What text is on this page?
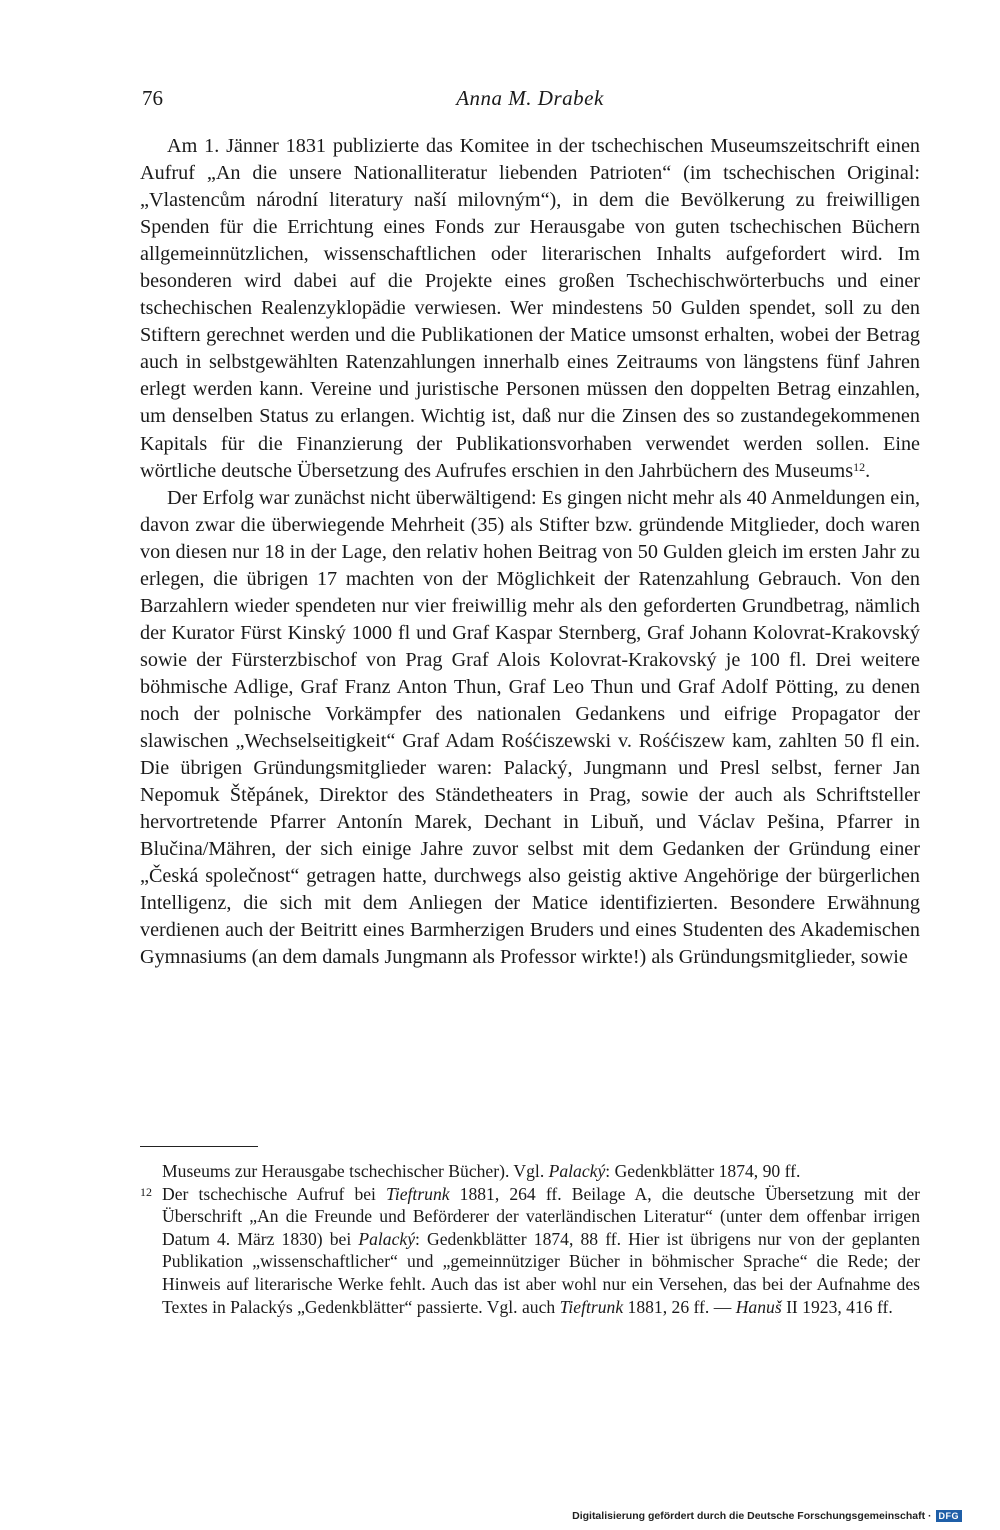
76	Anna M. Drabek

Am 1. Jänner 1831 publizierte das Komitee in der tschechischen Museumszeitschrift einen Aufruf „An die unsere Nationalliteratur liebenden Patrioten“ (im tschechischen Original: „Vlastencům národní literatury naší milovným“), in dem die Bevölkerung zu freiwilligen Spenden für die Errichtung eines Fonds zur Herausgabe von guten tschechischen Büchern allgemeinnützlichen, wissenschaftlichen oder literarischen Inhalts aufgefordert wird. Im besonderen wird dabei auf die Projekte eines großen Tschechischwörterbuchs und einer tschechischen Realenzyklopädie verwiesen. Wer mindestens 50 Gulden spendet, soll zu den Stiftern gerechnet werden und die Publikationen der Matice umsonst erhalten, wobei der Betrag auch in selbstgewählten Ratenzahlungen innerhalb eines Zeitraums von längstens fünf Jahren erlegt werden kann. Vereine und juristische Personen müssen den doppelten Betrag einzahlen, um denselben Status zu erlangen. Wichtig ist, daß nur die Zinsen des so zustandegekommenen Kapitals für die Finanzierung der Publikationsvorhaben verwendet werden sollen. Eine wörtliche deutsche Übersetzung des Aufrufes erschien in den Jahrbüchern des Museums$^{12}$.

Der Erfolg war zunächst nicht überwältigend: Es gingen nicht mehr als 40 Anmeldungen ein, davon zwar die überwiegende Mehrheit (35) als Stifter bzw. gründende Mitglieder, doch waren von diesen nur 18 in der Lage, den relativ hohen Beitrag von 50 Gulden gleich im ersten Jahr zu erlegen, die übrigen 17 machten von der Möglichkeit der Ratenzahlung Gebrauch. Von den Barzahlern wieder spendeten nur vier freiwillig mehr als den geforderten Grundbetrag, nämlich der Kurator Fürst Kinský 1000 fl und Graf Kaspar Sternberg, Graf Johann Kolovrat-Krakovský sowie der Fürsterzbischof von Prag Graf Alois Kolovrat-Krakovský je 100 fl. Drei weitere böhmische Adlige, Graf Franz Anton Thun, Graf Leo Thun und Graf Adolf Pötting, zu denen noch der polnische Vorkämpfer des nationalen Gedankens und eifrige Propagator der slawischen „Wechselseitigkeit“ Graf Adam Rośćiszewski v. Rośćiszew kam, zahlten 50 fl ein. Die übrigen Gründungsmitglieder waren: Palacký, Jungmann und Presl selbst, ferner Jan Nepomuk Štěpánek, Direktor des Ständetheaters in Prag, sowie der auch als Schriftsteller hervortretende Pfarrer Antonín Marek, Dechant in Libuň, und Václav Pešina, Pfarrer in Blučina/Mähren, der sich einige Jahre zuvor selbst mit dem Gedanken der Gründung einer „Česká společnost“ getragen hatte, durchwegs also geistig aktive Angehörige der bürgerlichen Intelligenz, die sich mit dem Anliegen der Matice identifizierten. Besondere Erwähnung verdienen auch der Beitritt eines Barmherzigen Bruders und eines Studenten des Akademischen Gymnasiums (an dem damals Jungmann als Professor wirkte!) als Gründungsmitglieder, sowie

Museums zur Herausgabe tschechischer Bücher). Vgl. Palacký: Gedenkblätter 1874, 90 ff.

12 Der tschechische Aufruf bei Tieftrunk 1881, 264 ff. Beilage A, die deutsche Übersetzung mit der Überschrift „An die Freunde und Beförderer der vaterländischen Literatur“ (unter dem offenbar irrigen Datum 4. März 1830) bei Palacký: Gedenkblätter 1874, 88 ff. Hier ist übrigens nur von der geplanten Publikation „wissenschaftlicher“ und „gemeinnütziger Bücher in böhmischer Sprache“ die Rede; der Hinweis auf literarische Werke fehlt. Auch das ist aber wohl nur ein Versehen, das bei der Aufnahme des Textes in Palackýs „Gedenkblätter“ passierte. Vgl. auch Tieftrunk 1881, 26 ff. — Hanuš II 1923, 416 ff.

Digitalisierung gefördert durch die Deutsche Forschungsgemeinschaft · DFG
